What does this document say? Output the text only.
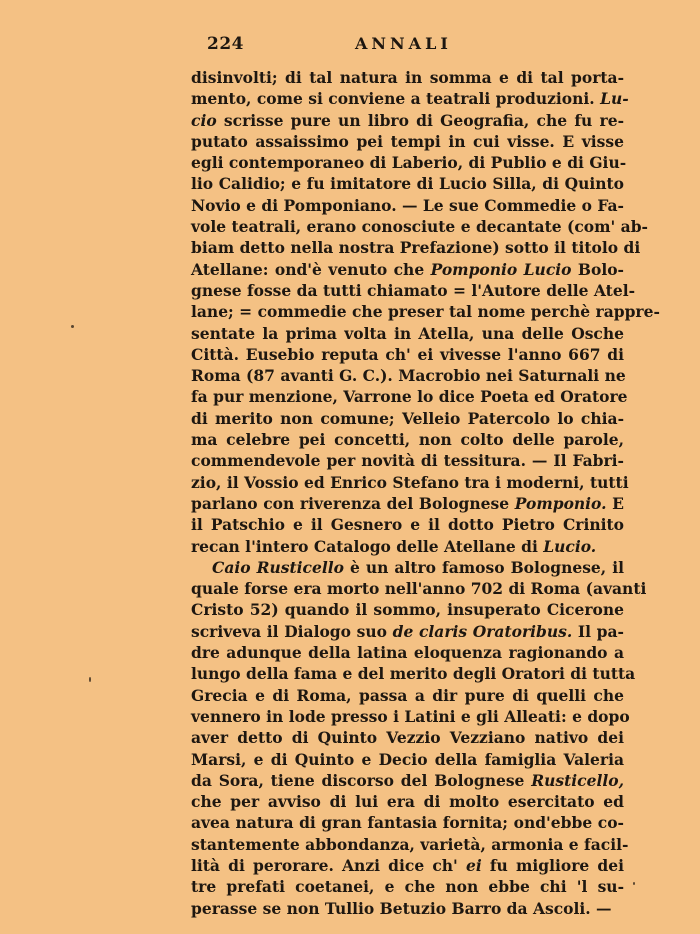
224	ANNALI
disinvolti; di tal natura in somma e di tal porta-
mento, come si conviene a teatrali produzioni. Lu-
cio scrisse pure un libro di Geografia, che fu re-
putato assaissimo pei tempi in cui visse. E visse
egli contemporaneo di Laberio, di Publio e di Giu-
lio Calidio; e fu imitatore di Lucio Silla, di Quinto
Novio e di Pomponiano. — Le sue Commedie o Fa-
vole teatrali, erano conosciute e decantate (com' ab-
biam detto nella nostra Prefazione) sotto il titolo di
Atellane: ond'è venuto che Pomponio Lucio Bolo-
gnese fosse da tutti chiamato = l'Autore delle Atel-
lane; = commedie che preser tal nome perchè rappre-
sentate la prima volta in Atella, una delle Osche
Città. Eusebio reputa ch' ei vivesse l'anno 667 di
Roma (87 avanti G. C.). Macrobio nei Saturnali ne
fa pur menzione, Varrone lo dice Poeta ed Oratore
di merito non comune; Velleio Patercolo lo chia-
ma celebre pei concetti, non colto delle parole,
commendevole per novità di tessitura. — Il Fabri-
zio, il Vossio ed Enrico Stefano tra i moderni, tutti
parlano con riverenza del Bolognese Pomponio. E
il Patschio e il Gesnero e il dotto Pietro Crinito
recan l'intero Catalogo delle Atellane di Lucio.
Caio Rusticello è un altro famoso Bolognese, il
quale forse era morto nell'anno 702 di Roma (avanti
Cristo 52) quando il sommo, insuperato Cicerone
scriveva il Dialogo suo de claris Oratoribus. Il pa-
dre adunque della latina eloquenza ragionando a
lungo della fama e del merito degli Oratori di tutta
Grecia e di Roma, passa a dir pure di quelli che
vennero in lode presso i Latini e gli Alleati: e dopo
aver detto di Quinto Vezzio Vezziano nativo dei
Marsi, e di Quinto e Decio della famiglia Valeria
da Sora, tiene discorso del Bolognese Rusticello,
che per avviso di lui era di molto esercitato ed
avea natura di gran fantasia fornita; ond'ebbe co-
stantemente abbondanza, varietà, armonia e facil-
lità di perorare. Anzi dice ch' ei fu migliore dei
tre prefati coetanei, e che non ebbe chi 'l su-
perasse se non Tullio Betuzio Barro da Ascoli. —
